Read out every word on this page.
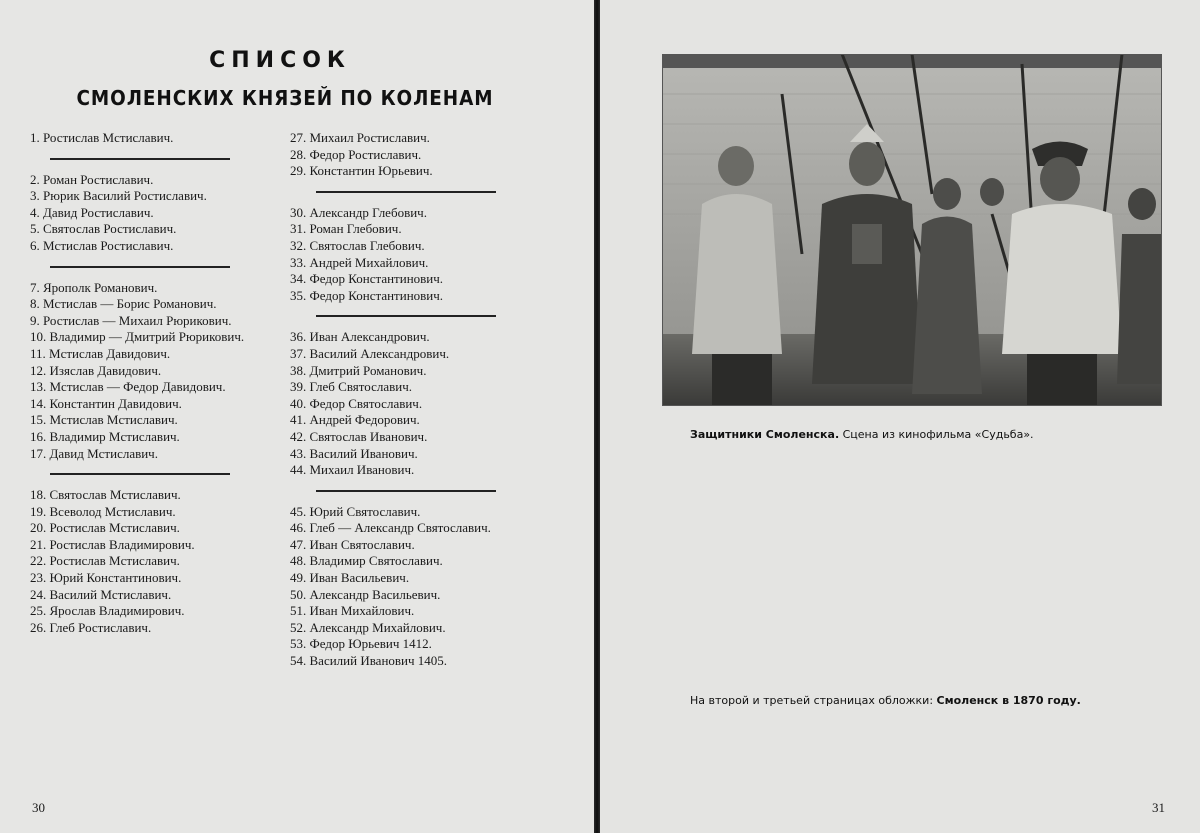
СПИСОК
СМОЛЕНСКИХ КНЯЗЕЙ ПО КОЛЕНАМ
1. Ростислав Мстиславич.
2. Роман Ростиславич.
3. Рюрик Василий Ростиславич.
4. Давид Ростиславич.
5. Святослав Ростиславич.
6. Мстислав Ростиславич.
7. Ярополк Романович.
8. Мстислав — Борис Романович.
9. Ростислав — Михаил Рюрикович.
10. Владимир — Дмитрий Рюрикович.
11. Мстислав Давидович.
12. Изяслав Давидович.
13. Мстислав — Федор Давидович.
14. Константин Давидович.
15. Мстислав Мстиславич.
16. Владимир Мстиславич.
17. Давид Мстиславич.
18. Святослав Мстиславич.
19. Всеволод Мстиславич.
20. Ростислав Мстиславич.
21. Ростислав Владимирович.
22. Ростислав Мстиславич.
23. Юрий Константинович.
24. Василий Мстиславич.
25. Ярослав Владимирович.
26. Глеб Ростиславич.
27. Михаил Ростиславич.
28. Федор Ростиславич.
29. Константин Юрьевич.
30. Александр Глебович.
31. Роман Глебович.
32. Святослав Глебович.
33. Андрей Михайлович.
34. Федор Константинович.
35. Федор Константинович.
36. Иван Александрович.
37. Василий Александрович.
38. Дмитрий Романович.
39. Глеб Святославич.
40. Федор Святославич.
41. Андрей Федорович.
42. Святослав Иванович.
43. Василий Иванович.
44. Михаил Иванович.
45. Юрий Святославич.
46. Глеб — Александр Святославич.
47. Иван Святославич.
48. Владимир Святославич.
49. Иван Васильевич.
50. Александр Васильевич.
51. Иван Михайлович.
52. Александр Михайлович.
53. Федор Юрьевич 1412.
54. Василий Иванович 1405.
30	31
Защитники Смоленска. Сцена из кинофильма «Судьба».
На второй и третьей страницах обложки: Смоленск в 1870 году.
